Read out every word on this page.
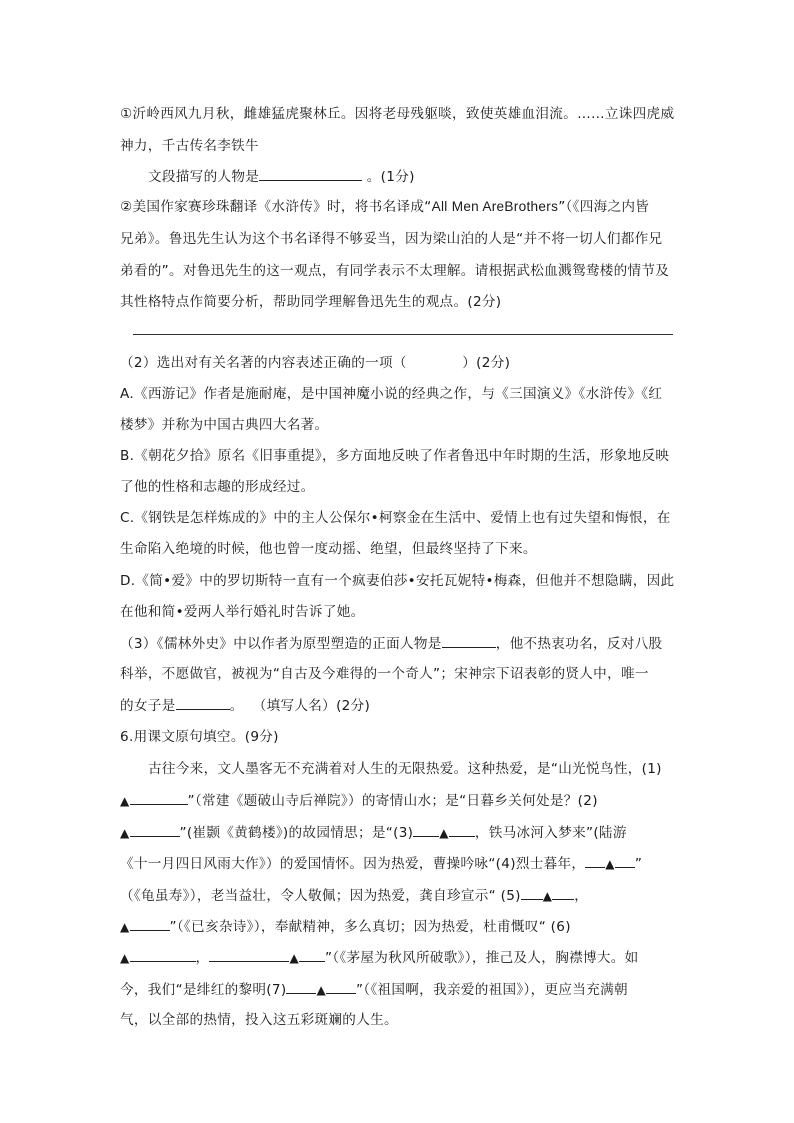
①沂岭西风九月秋，雌雄猛虎聚林丘。因将老母残躯啖，致使英雄血泪流。……立诛四虎威
神力，千古传名李铁牛
文段描写的人物是	。(1分)
②美国作家赛珍珠翻译《水浒传》时，将书名译成“All Men AreBrothers”（《四海之内皆
兄弟》。鲁迅先生认为这个书名译得不够妥当，因为梁山泊的人是“并不将一切人们都作兄
弟看的”。对鲁迅先生的这一观点，有同学表示不太理解。请根据武松血溅鸳鸯楼的情节及
其性格特点作简要分析，帮助同学理解鲁迅先生的观点。(2分)
（2）选出对有关名著的内容表述正确的一项（            ）(2分)
A.《西游记》作者是施耐庵，是中国神魔小说的经典之作，与《三国演义》《水浒传》《红
楼梦》并称为中国古典四大名著。
B.《朝花夕拾》原名《旧事重提》，多方面地反映了作者鲁迅中年时期的生活，形象地反映
了他的性格和志趣的形成经过。
C.《钢铁是怎样炼成的》中的主人公保尔•柯察金在生活中、爱情上也有过失望和悔恨，在
生命陷入绝境的时候，他也曾一度动摇、绝望，但最终坚持了下来。
D.《简•爱》中的罗切斯特一直有一个疯妻伯莎•安托瓦妮特•梅森，但他并不想隐瞒，因此
在他和简•爱两人举行婚礼时告诉了她。
（3）《儒林外史》中以作者为原型塑造的正面人物是	，他不热衷功名，反对八股
科举，不愿做官，被视为“自古及今难得的一个奇人”；宋神宗下诏表彰的贤人中，唯一
的女子是	。  （填写人名）(2分)
6.用课文原句填空。(9分)
古往今来，文人墨客无不充满着对人生的无限热爱。这种热爱，是“山光悦鸟性，(1)
▲	”（常建《题破山寺后禅院》）的寄情山水；是“日暮乡关何处是？(2)
▲	”(崔颢《黄鹤楼》)的故园情思；是“(3) ▲ ，铁马冰河入梦来”(陆游
《十一月四日风雨大作》）的爱国情怀。因为热爱，曹操吟咏“(4)烈士暮年， ▲ ”
（《龟虽寿》），老当益壮，令人敬佩；因为热爱，龚自珍宣示“ (5) ▲ ，
▲	”（《已亥杂诗》），奉献精神，多么真切；因为热爱，杜甫慨叹“ (6)
▲	，	▲ ”（《茅屋为秋风所破歌》），推己及人，胸襟博大。如
今，我们“是绯红的黎明(7)	▲ ”（《祖国啊，我亲爱的祖国》），更应当充满朝
气，以全部的热情，投入这五彩斑斓的人生。
